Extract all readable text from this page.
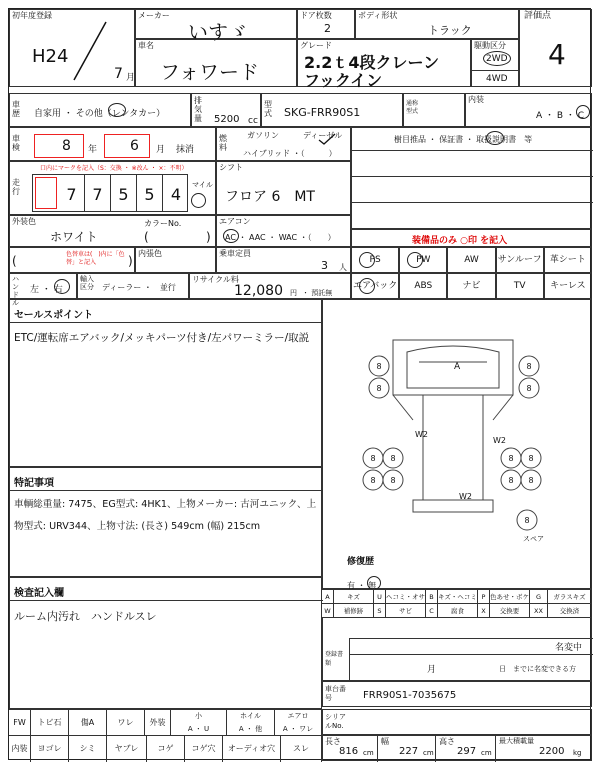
初年度登録
H24
7 月
メーカー
いすゞ
ドア枚数
2
ボディ形状
トラック
評価点
4
車名
フォワード
グレード
2.2ｔ4段クレーン
フックイン
駆動区分
2WD
4WD
車歴 自家用 ・ その他（レンタカー）
排気量 5200 cc
型式 SKG-FRR90S1
通称型式
内装
A ・ B ・ C
車検	8 年 6 月 抹消
燃料
ガソリン	ディーゼル
ハイブリッド ・（　　　）
樹目推品 ・ 保証書 ・ 取扱説明書　等
走行
口内にマークを記入（S：交換 ・ ※改ん ・ ×：不明）
7 7 5 5	4	マイル
シフト
フロア 6　MT
外装色
ホワイト
カラーNo.
(	)
エアコン
AC ・ AAC ・ WAC ・（　　）	装備品のみ ○印 を記入
(	)
色替車は(　)内に「色替」と記入
内張色	乗車定員
3 人
ハンドル
左 ・ 右
輸入区分 ディーラー ・　並行
リサイクル料
12,080 円 ・ 預託無
PS	PW	AW	サンルーフ 革シート
エアバック	ABS	ナビ	TV	キーレス
セールスポイント
ETC/運転席エアバック/メッキパーツ付き/左パワーミラー/取説
特記事項
車輌総重量: 7475、EG型式: 4HK1、上物メーカー: 古河ユニック、上物型式: URV344、上物寸法: (長さ) 549cm (幅) 215cm
検査記入欄
ルーム内汚れ　ハンドルスレ
8
8
8
8
8 8
8 8
8 8
8 8
8
A
W2
W2
W2
スペア
修復歴
有 ・ 無
A	キズ	U ヘコミ・オサ B キズ・ヘコミ P 色あせ・ボケ	G	ガラスキズ
W	補修跡	S	サビ	C	腐食	X	交換要	XX	交換済
登録書類
名変中
月	日　までに名変できる方
車台番号	FRR90S1-7035675
FW	トビ石	傷A	ワレ	外装
小
A ・ U
ホイル
A ・ 他
エアロ
A ・ ワレ
シリアルNo.
内装	ヨゴレ	シミ	ヤブレ	コゲ	コゲ穴	オーディオ穴	スレ
長さ
816 cm
幅
227 cm
高さ
297 cm
最大積載量
2200 kg
